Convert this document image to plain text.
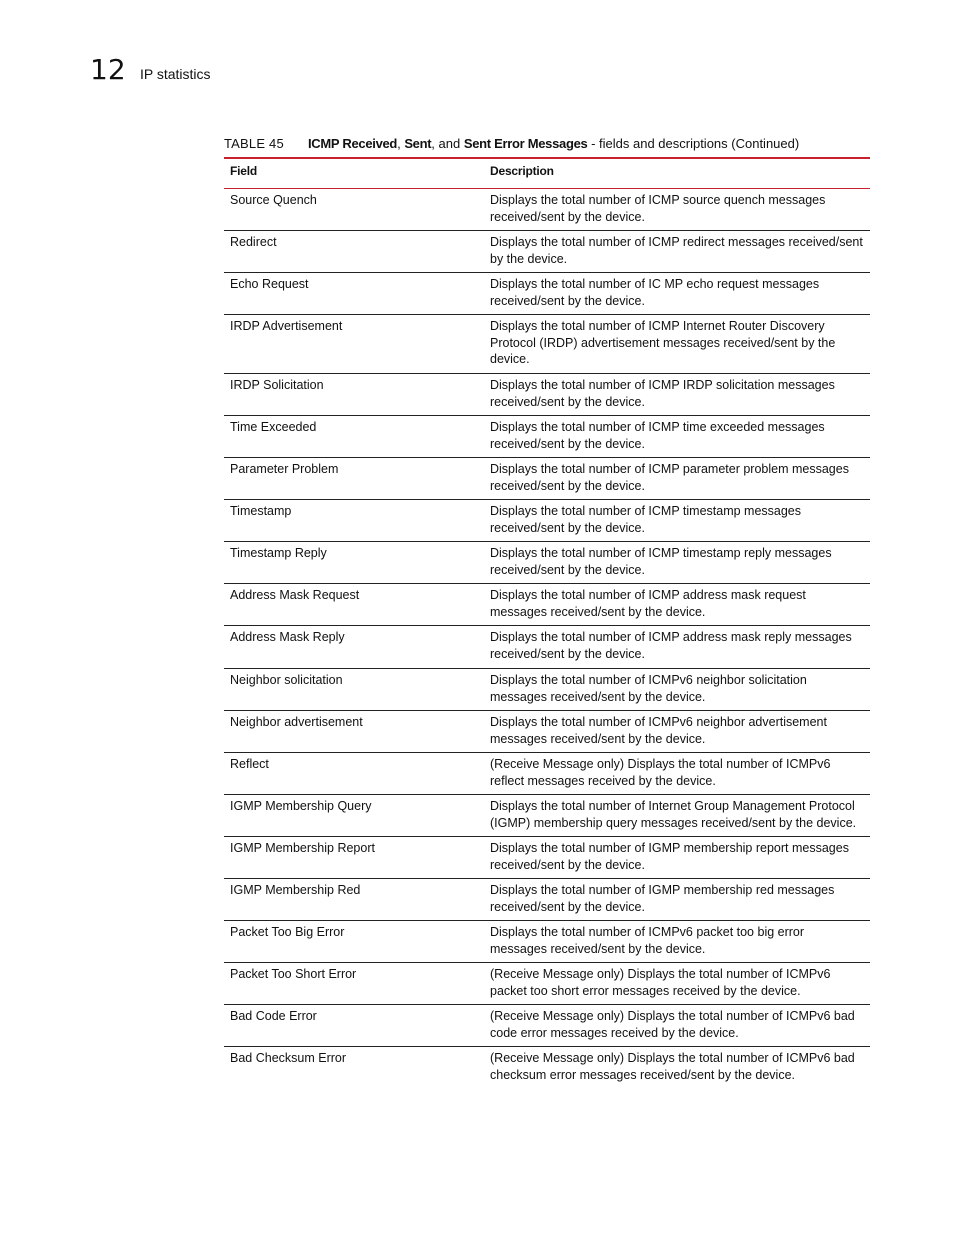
12 IP statistics
TABLE 45 ICMP Received, Sent, and Sent Error Messages - fields and descriptions (Continued)
Field	Description
Source Quench	Displays the total number of ICMP source quench messages received/sent by the device.
Redirect	Displays the total number of ICMP redirect messages received/sent by the device.
Echo Request	Displays the total number of IC MP echo request messages received/sent by the device.
IRDP Advertisement	Displays the total number of ICMP Internet Router Discovery Protocol (IRDP) advertisement messages received/sent by the device.
IRDP Solicitation	Displays the total number of ICMP IRDP solicitation messages received/sent by the device.
Time Exceeded	Displays the total number of ICMP time exceeded messages received/sent by the device.
Parameter Problem	Displays the total number of ICMP parameter problem messages received/sent by the device.
Timestamp	Displays the total number of ICMP timestamp messages received/sent by the device.
Timestamp Reply	Displays the total number of ICMP timestamp reply messages received/sent by the device.
Address Mask Request	Displays the total number of ICMP address mask request messages received/sent by the device.
Address Mask Reply	Displays the total number of ICMP address mask reply messages received/sent by the device.
Neighbor solicitation	Displays the total number of ICMPv6 neighbor solicitation messages received/sent by the device.
Neighbor advertisement	Displays the total number of ICMPv6 neighbor advertisement messages received/sent by the device.
Reflect	(Receive Message only) Displays the total number of ICMPv6 reflect messages received by the device.
IGMP Membership Query	Displays the total number of Internet Group Management Protocol (IGMP) membership query messages received/sent by the device.
IGMP Membership Report	Displays the total number of IGMP membership report messages received/sent by the device.
IGMP Membership Red	Displays the total number of IGMP membership red messages received/sent by the device.
Packet Too Big Error	Displays the total number of ICMPv6 packet too big error messages received/sent by the device.
Packet Too Short Error	(Receive Message only) Displays the total number of ICMPv6 packet too short error messages received by the device.
Bad Code Error	(Receive Message only) Displays the total number of ICMPv6 bad code error messages received by the device.
Bad Checksum Error	(Receive Message only) Displays the total number of ICMPv6 bad checksum error messages received/sent by the device.
